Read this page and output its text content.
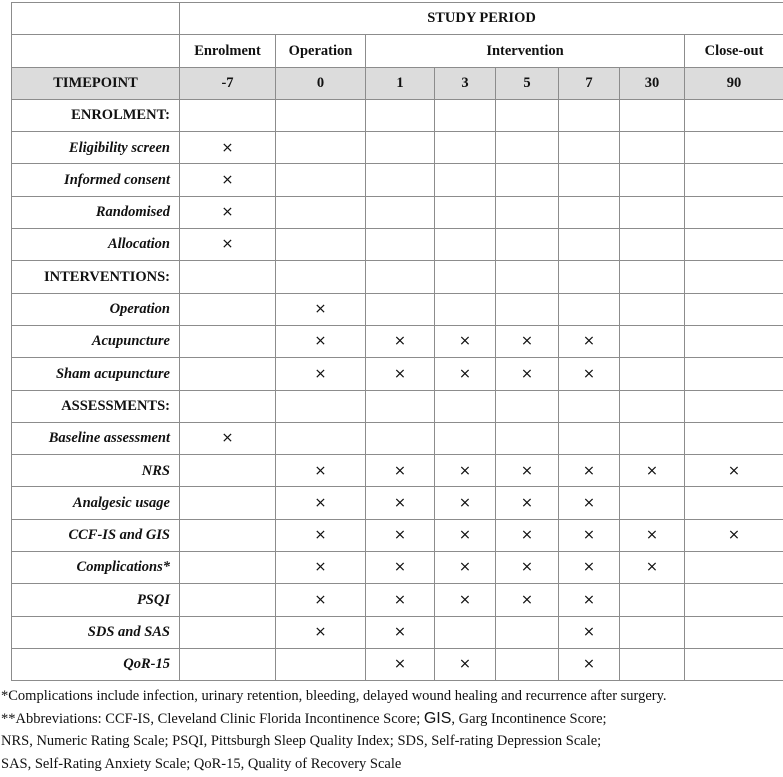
	STUDY PERIOD							
	Enrolment	Operation	Intervention					Close-out
TIMEPOINT	-7	0	1	3	5	7	30	90
ENROLMENT:								
Eligibility screen	×							
Informed consent	×							
Randomised	×							
Allocation	×							
INTERVENTIONS:								
Operation		×						
Acupuncture		×	×	×	×	×		
Sham acupuncture		×	×	×	×	×		
ASSESSMENTS:								
Baseline assessment	×							
NRS		×	×	×	×	×	×	×
Analgesic usage		×	×	×	×	×		
CCF-IS and GIS		×	×	×	×	×	×	×
Complications*		×	×	×	×	×	×	
PSQI		×	×	×	×	×		
SDS and SAS		×	×			×		
QoR-15			×	×		×		
*Complications include infection, urinary retention, bleeding, delayed wound healing and recurrence after surgery.
**Abbreviations: CCF-IS, Cleveland Clinic Florida Incontinence Score; GIS, Garg Incontinence Score;
NRS, Numeric Rating Scale; PSQI, Pittsburgh Sleep Quality Index; SDS, Self-rating Depression Scale;
SAS, Self-Rating Anxiety Scale; QoR-15, Quality of Recovery Scale
